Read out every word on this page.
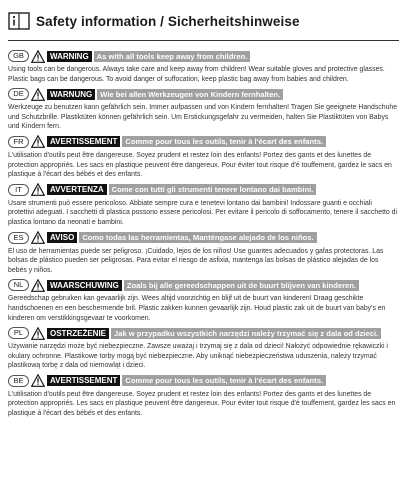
Safety information / Sicherheitshinweise
GB	WARNING	As with all tools keep away from children.

Using tools can be dangerous. Always take care and keep away from children! Wear suitable gloves and protective glasses. Plastic bags can be dangerous. To avoid danger of suffocation, keep plastic bag away from babies and children.

DE	WARNUNG	Wie bei allen Werkzeugen von Kindern fernhalten.

Werkzeuge zu benutzen kann gefährlich sein. Immer aufpassen und von Kindern fernhalten! Tragen Sie geeignete Handschuhe und Schutzbrille. Plastiktüten können gefährlich sein. Um Erstickungsgefahr zu vermeiden, halten Sie Plastiktüten von Babys und Kindern fern.

FR	AVERTISSEMENT	Comme pour tous les outils, tenir à l'écart des enfants.

L'utilisation d'outils peut être dangereuse. Soyez prudent et restez loin des enfants! Portez des gants et des lunettes de protection appropriés. Les sacs en plastique peuvent être dangereux. Pour éviter tout risque d'é touffement, gardez le sacs en plastique à l'écart des bébés et des enfants.

IT	AVVERTENZA	Come con tutti gli strumenti tenere lontano dai bambini.

Usare strumenti può essere pericoloso. Abbiate sempre cura e tenetevi lontano dai bambini! Indossare guanti e occhiali protettivi adeguati. I sacchetti di plastica possono essere pericolosi. Per evitare il pericolo di soffocamento, tenere il sacchetto di plastica lontano da neonati e bambini.

ES	AVISO	Como todas las herramientas, Manténgase alejado de los niños.

El uso de herramientas puede ser peligroso. ¡Cuidado, lejos de los niños! Use guantes adecuados y gafas protectoras. Las bolsas de plástico pueden ser peligrosas. Para evitar el riesgo de asfixia, mantenga las bolsas de plástico alejadas de los bebés y niños.

NL	WAARSCHUWING	Zoals bij alle gereedschappen uit de buurt blijven van kinderen.

Gereedschap gebruiken kan gevaarlijk zijn. Wees altijd voorzichtig en blijf uit de buurt van kinderen! Draag geschikte handschoenen en een beschermende bril. Plastic zakken kunnen gevaarlijk zijn. Houd plastic zak uit de buurt van baby's en kinderen om verstikkingsgevaar te voorkomen.

PL	OSTRZEŻENIE	Jak w przypadku wszystkich narzędzi należy trzymać się z dala od dzieci.

Używanie narzędzi może być niebezpieczne. Zawsze uważaj i trzymaj się z dala od dzieci! Nałożyć odpowiednie rękawiczki i okulary ochronne. Plastikowe torby mogą być niebezpieczne. Aby uniknąć niebezpieczeństwa uduszenia, należy trzymać plastikową torbę z dala od niemowląt i dzieci.

BE	AVERTISSEMENT	Comme pour tous les outils, tenir à l'écart des enfants.

L'utilisation d'outils peut être dangereuse. Soyez prudent et restez loin des enfants! Portez des gants et des lunettes de protection appropriés. Les sacs en plastique peuvent être dangereux. Pour éviter tout risque d'é touffement, gardez les sacs en plastique à l'écart des bébés et des enfants.
